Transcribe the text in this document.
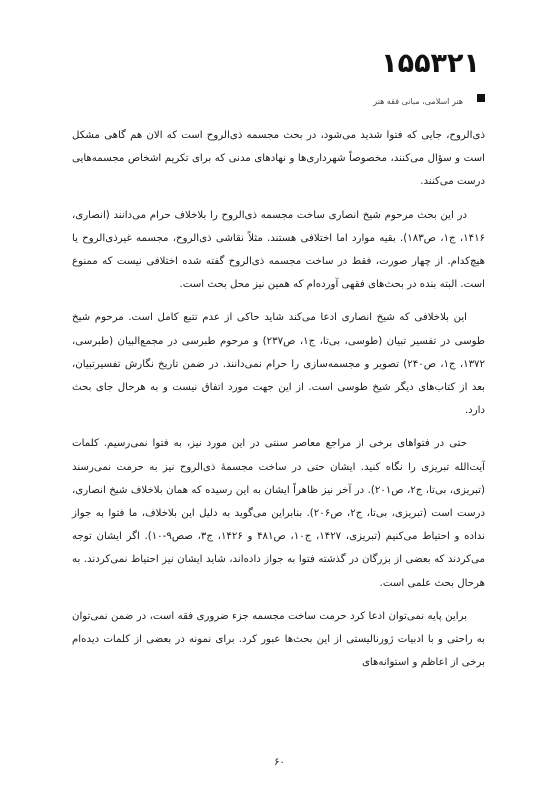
۱۵۵۳۲۱
هنر اسلامی، مبانی فقه هنر

ذی‌الروح، جایی که فتوا شدید می‌شود، در بحث مجسمه ذی‌الروح است که الان هم گاهی مشکل است و سؤال می‌کنند، مخصوصاً شهرداری‌ها و نهادهای مدنی که برای تکریم اشخاص مجسمه‌هایی درست می‌کنند.

در این بحث مرحوم شیخ انصاری ساخت مجسمه ذی‌الروح را بلاخلاف حرام می‌دانند (انصاری، ۱۴۱۶، ج۱، ص۱۸۳). بقیه موارد اما اختلافی هستند. مثلاً نقاشی ذی‌الروح، مجسمه غیرذی‌الروح یا هیچ‌کدام. از چهار صورت، فقط در ساخت مجسمه ذی‌الروح گفته شده اختلافی نیست که ممنوع است. البته بنده در بحث‌های فقهی آورده‌ام که همین نیز محل بحث است.

این بلاخلافی که شیخ انصاری ادعا می‌کند شاید حاکی از عدم تتبع کامل است. مرحوم شیخ طوسی در تفسیر تبیان (طوسی، بی‌تا، ج۱، ص۲۳۷) و مرحوم طبرسی در مجمع‌البیان (طبرسی، ۱۳۷۲، ج۱، ص۲۴۰) تصویر و مجسمه‌سازی را حرام نمی‌دانند. در ضمن تاریخ نگارش تفسیرتبیان، بعد از کتاب‌های دیگر شیخ طوسی است. از این جهت مورد اتفاق نیست و به هرحال جای بحث دارد.

حتی در فتواهای برخی از مراجع معاصر سنتی در این مورد نیز، به فتوا نمی‌رسیم. کلمات آیت‌الله تبریزی را نگاه کنید. ایشان حتی در ساخت مجسمهٔ ذی‌الروح نیز به حرمت نمی‌رسند (تبریزی، بی‌تا، ج۲، ص۲۰۱). در آخر نیز ظاهراً ایشان به این رسیده که همان بلاخلاف شیخ انصاری، درست است (تبریزی، بی‌تا، ج۲، ص۲۰۶). بنابراین می‌گوید به دلیل این بلاخلاف، ما فتوا به جواز نداده و احتیاط می‌کنیم (تبریزی، ۱۴۲۷، ج۱۰، ص۴۸۱ و ۱۴۲۶، ج۳، صص۹-۱۰). اگر ایشان توجه می‌کردند که بعضی از بزرگان در گذشته فتوا به جواز داده‌اند، شاید ایشان نیز احتیاط نمی‌کردند. به هرحال بحث علمی است.

براین پایه نمی‌توان ادعا کرد حرمت ساخت مجسمه جزء ضروری فقه است، در ضمن نمی‌توان به راحتی و با ادبیات ژورنالیستی از این بحث‌ها عبور کرد. برای نمونه در بعضی از کلمات دیده‌ام برخی از اعاظم و استوانه‌های

۶۰
